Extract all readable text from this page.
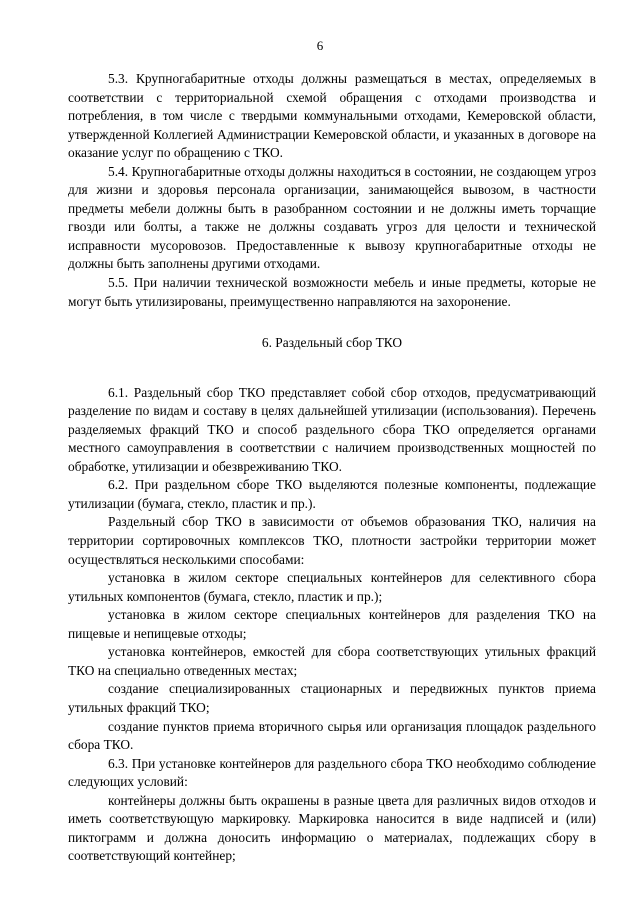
6

5.3. Крупногабаритные отходы должны размещаться в местах, определяемых в соответствии с территориальной схемой обращения с отходами производства и потребления, в том числе с твердыми коммунальными отходами, Кемеровской области, утвержденной Коллегией Администрации Кемеровской области, и указанных в договоре на оказание услуг по обращению с ТКО.

5.4. Крупногабаритные отходы должны находиться в состоянии, не создающем угроз для жизни и здоровья персонала организации, занимающейся вывозом, в частности предметы мебели должны быть в разобранном состоянии и не должны иметь торчащие гвозди или болты, а также не должны создавать угроз для целости и технической исправности мусоровозов. Предоставленные к вывозу крупногабаритные отходы не должны быть заполнены другими отходами.

5.5. При наличии технической возможности мебель и иные предметы, которые не могут быть утилизированы, преимущественно направляются на захоронение.

6. Раздельный сбор ТКО

6.1. Раздельный сбор ТКО представляет собой сбор отходов, предусматривающий разделение по видам и составу в целях дальнейшей утилизации (использования). Перечень разделяемых фракций ТКО и способ раздельного сбора ТКО определяется органами местного самоуправления в соответствии с наличием производственных мощностей по обработке, утилизации и обезвреживанию ТКО.

6.2. При раздельном сборе ТКО выделяются полезные компоненты, подлежащие утилизации (бумага, стекло, пластик и пр.).

Раздельный сбор ТКО в зависимости от объемов образования ТКО, наличия на территории сортировочных комплексов ТКО, плотности застройки территории может осуществляться несколькими способами:

установка в жилом секторе специальных контейнеров для селективного сбора утильных компонентов (бумага, стекло, пластик и пр.);

установка в жилом секторе специальных контейнеров для разделения ТКО на пищевые и непищевые отходы;

установка контейнеров, емкостей для сбора соответствующих утильных фракций ТКО на специально отведенных местах;

создание специализированных стационарных и передвижных пунктов приема утильных фракций ТКО;

создание пунктов приема вторичного сырья или организация площадок раздельного сбора ТКО.

6.3. При установке контейнеров для раздельного сбора ТКО необходимо соблюдение следующих условий:

контейнеры должны быть окрашены в разные цвета для различных видов отходов и иметь соответствующую маркировку. Маркировка наносится в виде надписей и (или) пиктограмм и должна доносить информацию о материалах, подлежащих сбору в соответствующий контейнер;
